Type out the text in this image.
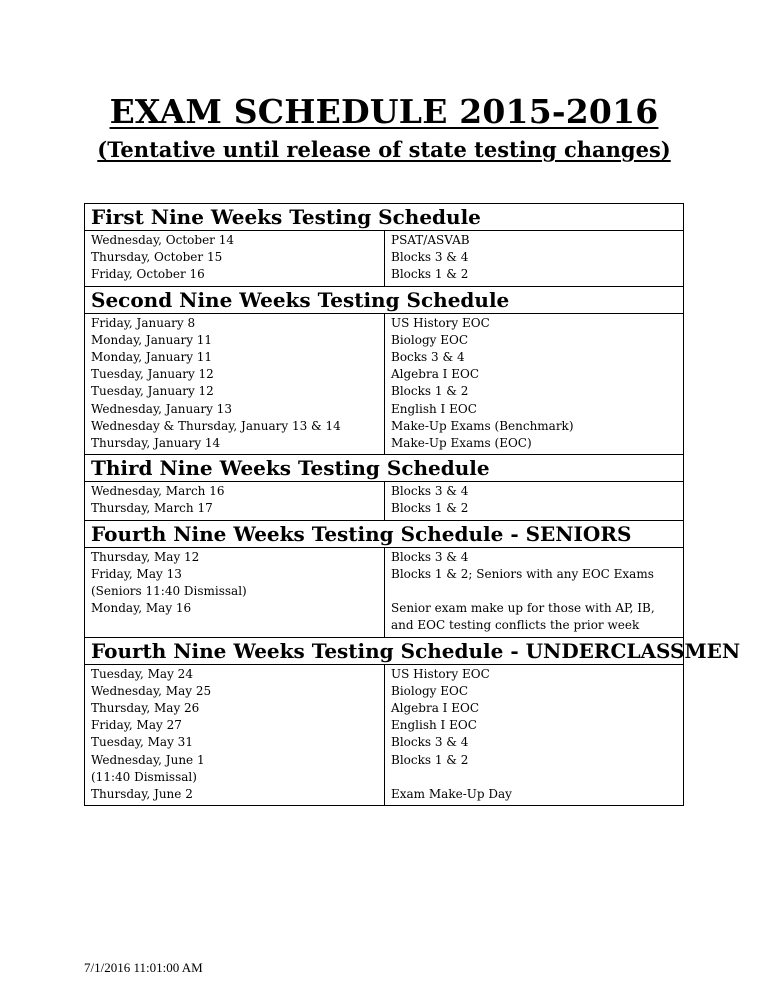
EXAM SCHEDULE 2015-2016
(Tentative until release of state testing changes)
First Nine Weeks Testing Schedule
Wednesday, October 14
Thursday, October 15
Friday, October 16
PSAT/ASVAB
Blocks 3 & 4
Blocks 1 & 2
Second Nine Weeks Testing Schedule
Friday, January 8
Monday, January 11
Monday, January 11
Tuesday, January 12
Tuesday, January 12
Wednesday, January 13
Wednesday & Thursday, January 13 & 14
Thursday, January 14
US History EOC
Biology EOC
Bocks 3 & 4
Algebra I EOC
Blocks 1 & 2
English I EOC
Make-Up Exams (Benchmark)
Make-Up Exams (EOC)
Third Nine Weeks Testing Schedule
Wednesday, March 16
Thursday, March 17
Blocks 3 & 4
Blocks 1 & 2
Fourth Nine Weeks Testing Schedule - SENIORS
Thursday, May 12
Friday, May 13
(Seniors 11:40 Dismissal)
Monday, May 16

Blocks 3 & 4
Blocks 1 & 2; Seniors with any EOC Exams

Senior exam make up for those with AP, IB,
and EOC testing conflicts the prior week
Fourth Nine Weeks Testing Schedule - UNDERCLASSMEN
Tuesday, May 24
Wednesday, May 25
Thursday, May 26
Friday, May 27
Tuesday, May 31
Wednesday, June 1
(11:40 Dismissal)
Thursday, June 2
US History EOC
Biology EOC
Algebra I EOC
English I EOC
Blocks 3 & 4
Blocks 1 & 2

Exam Make-Up Day
7/1/2016 11:01:00 AM
